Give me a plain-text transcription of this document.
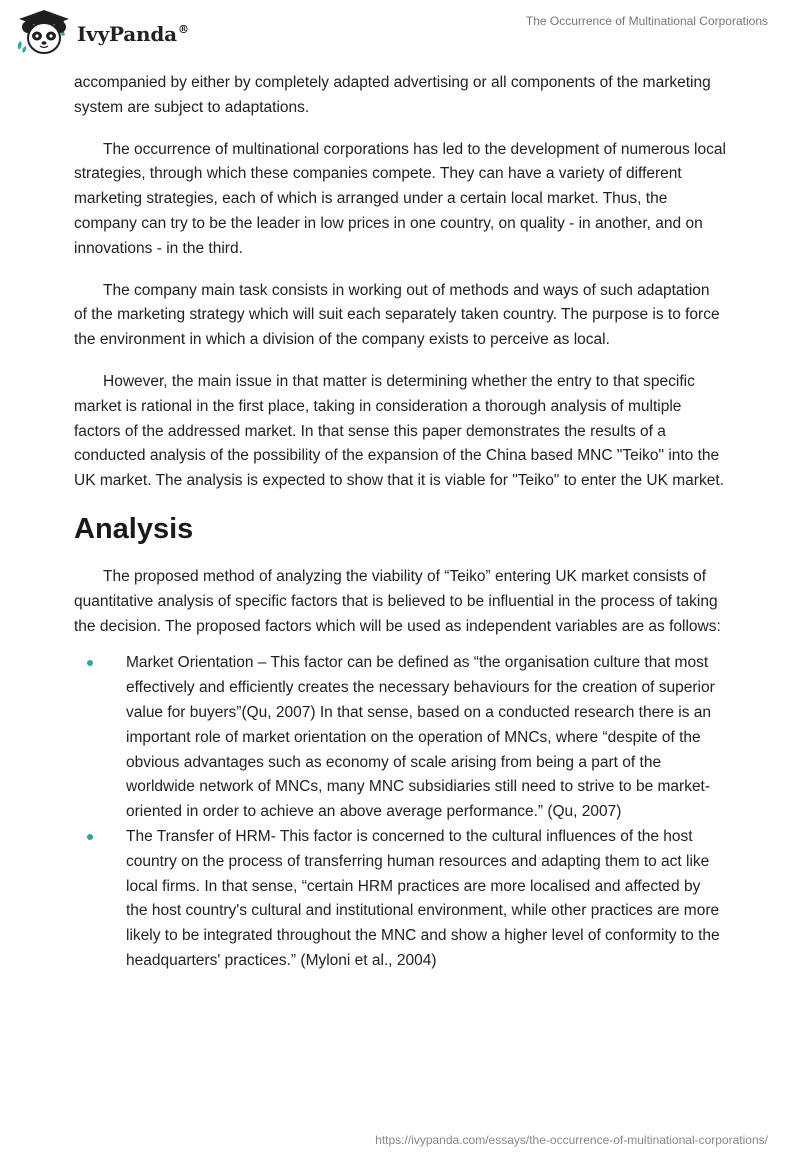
IvyPanda®
The Occurrence of Multinational Corporations

accompanied by either by completely adapted advertising or all components of the marketing system are subject to adaptations.

The occurrence of multinational corporations has led to the development of numerous local strategies, through which these companies compete. They can have a variety of different marketing strategies, each of which is arranged under a certain local market. Thus, the company can try to be the leader in low prices in one country, on quality - in another, and on innovations - in the third.

The company main task consists in working out of methods and ways of such adaptation of the marketing strategy which will suit each separately taken country. The purpose is to force the environment in which a division of the company exists to perceive as local.

However, the main issue in that matter is determining whether the entry to that specific market is rational in the first place, taking in consideration a thorough analysis of multiple factors of the addressed market. In that sense this paper demonstrates the results of a conducted analysis of the possibility of the expansion of the China based MNC "Teiko" into the UK market. The analysis is expected to show that it is viable for "Teiko" to enter the UK market.

Analysis

The proposed method of analyzing the viability of “Teiko” entering UK market consists of quantitative analysis of specific factors that is believed to be influential in the process of taking the decision. The proposed factors which will be used as independent variables are as follows:

Market Orientation – This factor can be defined as “the organisation culture that most effectively and efficiently creates the necessary behaviours for the creation of superior value for buyers”(Qu, 2007) In that sense, based on a conducted research there is an important role of market orientation on the operation of MNCs, where “despite of the obvious advantages such as economy of scale arising from being a part of the worldwide network of MNCs, many MNC subsidiaries still need to strive to be market-oriented in order to achieve an above average performance.” (Qu, 2007)
The Transfer of HRM- This factor is concerned to the cultural influences of the host country on the process of transferring human resources and adapting them to act like local firms. In that sense, “certain HRM practices are more localised and affected by the host country's cultural and institutional environment, while other practices are more likely to be integrated throughout the MNC and show a higher level of conformity to the headquarters' practices.” (Myloni et al., 2004)
https://ivypanda.com/essays/the-occurrence-of-multinational-corporations/
